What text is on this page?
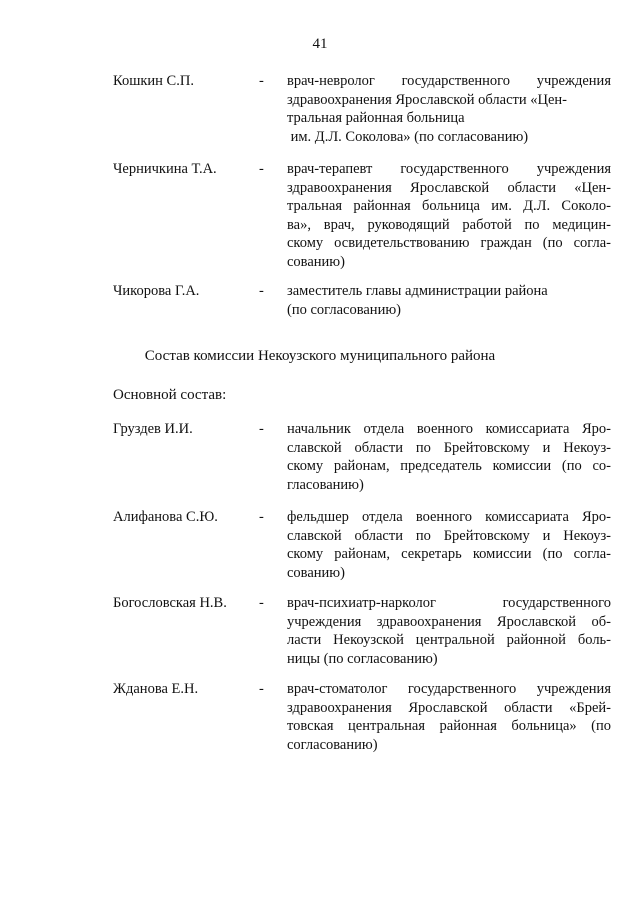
41
Кошкин С.П.	- врач-невролог государственного учреждения
здравоохранения Ярославской области «Цен-
тральная районная больница
им. Д.Л. Соколова» (по согласованию)
Черничкина Т.А.	- врач-терапевт государственного учреждения
здравоохранения Ярославской области «Цен-
тральная районная больница им. Д.Л. Соколо-
ва», врач, руководящий работой по медицин-
скому освидетельствованию граждан (по согла-
сованию)
Чикорова Г.А.	- заместитель главы администрации района
(по согласованию)
Состав комиссии Некоузского муниципального района
Основной состав:
Груздев И.И.	- начальник отдела военного комиссариата Яро-
славской области по Брейтовскому и Некоуз-
скому районам, председатель комиссии (по со-
гласованию)
Алифанова С.Ю.	- фельдшер отдела военного комиссариата Яро-
славской области по Брейтовскому и Некоуз-
скому районам, секретарь комиссии (по согла-
сованию)
Богословская Н.В. - врач-психиатр-нарколог государственного
учреждения здравоохранения Ярославской об-
ласти Некоузской центральной районной боль-
ницы (по согласованию)
Жданова Е.Н.	- врач-стоматолог государственного учреждения
здравоохранения Ярославской области «Брей-
товская центральная районная больница» (по
согласованию)
